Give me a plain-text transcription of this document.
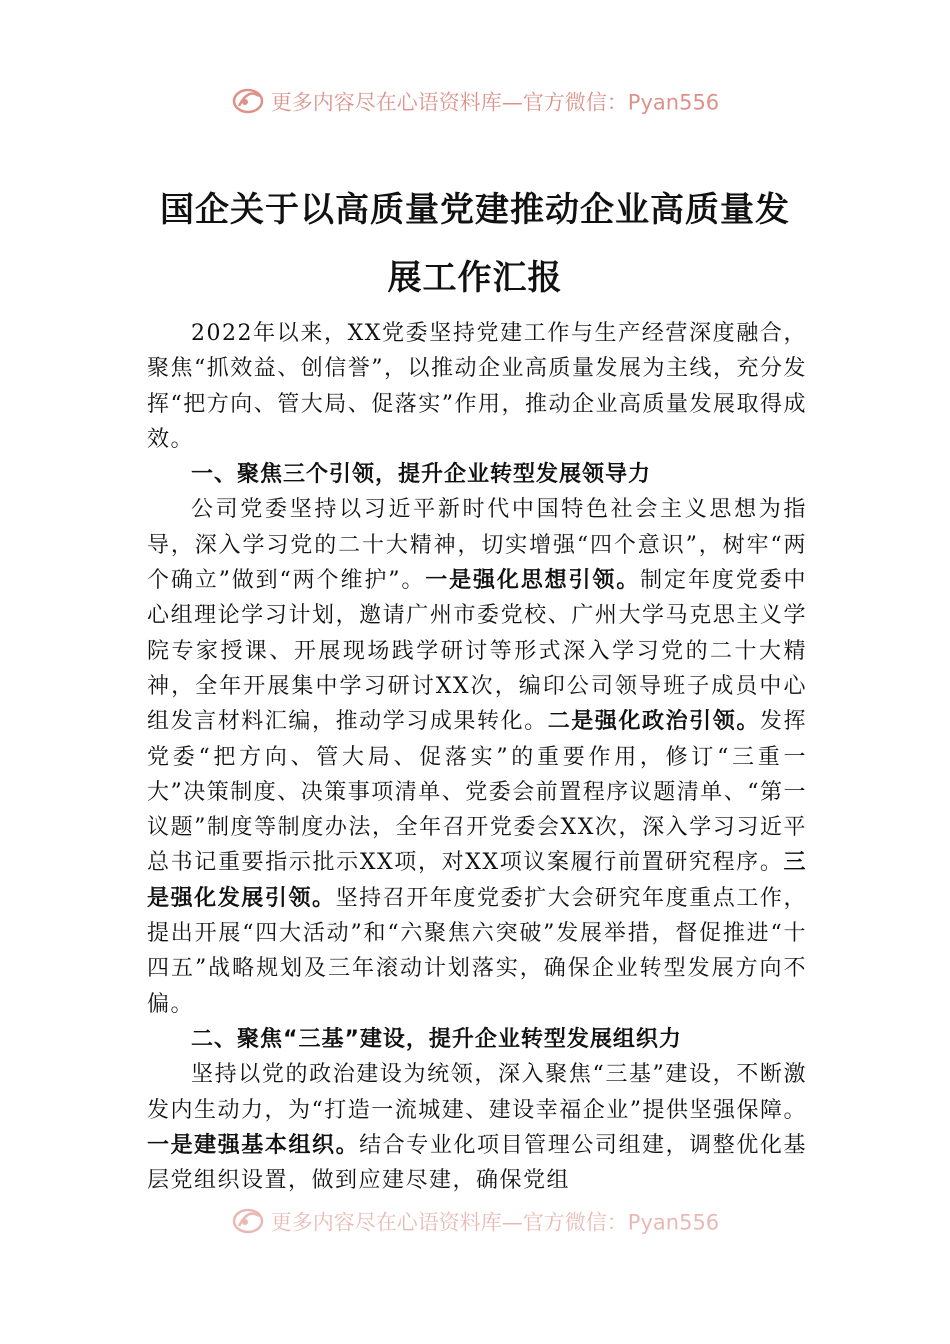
更多内容尽在心语资料库—官方微信：Pyan556
国企关于以高质量党建推动企业高质量发
展工作汇报

2022年以来，XX党委坚持党建工作与生产经营深度融合，聚焦“抓效益、创信誉”，以推动企业高质量发展为主线，充分发挥“把方向、管大局、促落实”作用，推动企业高质量发展取得成效。

一、聚焦三个引领，提升企业转型发展领导力

公司党委坚持以习近平新时代中国特色社会主义思想为指导，深入学习党的二十大精神，切实增强“四个意识”，树牢“两个确立”做到“两个维护”。一是强化思想引领。制定年度党委中心组理论学习计划，邀请广州市委党校、广州大学马克思主义学院专家授课、开展现场践学研讨等形式深入学习党的二十大精神，全年开展集中学习研讨XX次，编印公司领导班子成员中心组发言材料汇编，推动学习成果转化。二是强化政治引领。发挥党委“把方向、管大局、促落实”的重要作用，修订“三重一大”决策制度、决策事项清单、党委会前置程序议题清单、“第一议题”制度等制度办法，全年召开党委会XX次，深入学习习近平总书记重要指示批示XX项，对XX项议案履行前置研究程序。三是强化发展引领。坚持召开年度党委扩大会研究年度重点工作，提出开展“四大活动”和“六聚焦六突破”发展举措，督促推进“十四五”战略规划及三年滚动计划落实，确保企业转型发展方向不偏。

二、聚焦“三基”建设，提升企业转型发展组织力

坚持以党的政治建设为统领，深入聚焦“三基”建设，不断激发内生动力，为“打造一流城建、建设幸福企业”提供坚强保障。一是建强基本组织。结合专业化项目管理公司组建，调整优化基层党组织设置，做到应建尽建，确保党组

更多内容尽在心语资料库—官方微信：Pyan556
